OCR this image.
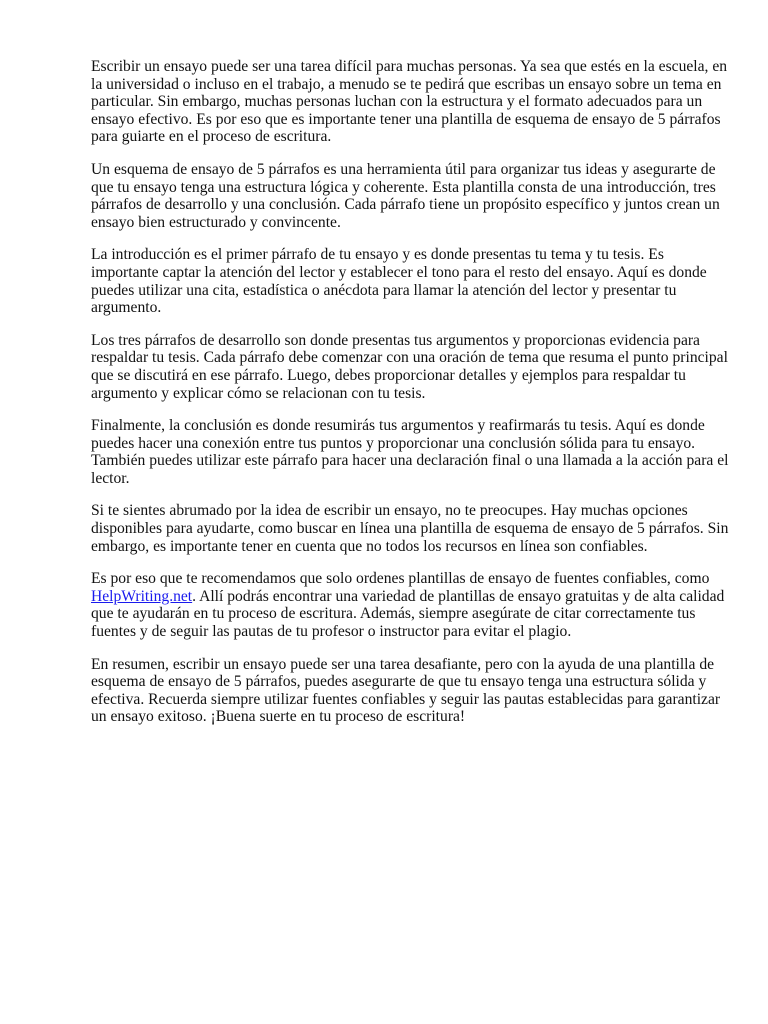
Escribir un ensayo puede ser una tarea difícil para muchas personas. Ya sea que estés en la escuela, en la universidad o incluso en el trabajo, a menudo se te pedirá que escribas un ensayo sobre un tema en particular. Sin embargo, muchas personas luchan con la estructura y el formato adecuados para un ensayo efectivo. Es por eso que es importante tener una plantilla de esquema de ensayo de 5 párrafos para guiarte en el proceso de escritura.

Un esquema de ensayo de 5 párrafos es una herramienta útil para organizar tus ideas y asegurarte de que tu ensayo tenga una estructura lógica y coherente. Esta plantilla consta de una introducción, tres párrafos de desarrollo y una conclusión. Cada párrafo tiene un propósito específico y juntos crean un ensayo bien estructurado y convincente.

La introducción es el primer párrafo de tu ensayo y es donde presentas tu tema y tu tesis. Es importante captar la atención del lector y establecer el tono para el resto del ensayo. Aquí es donde puedes utilizar una cita, estadística o anécdota para llamar la atención del lector y presentar tu argumento.

Los tres párrafos de desarrollo son donde presentas tus argumentos y proporcionas evidencia para respaldar tu tesis. Cada párrafo debe comenzar con una oración de tema que resuma el punto principal que se discutirá en ese párrafo. Luego, debes proporcionar detalles y ejemplos para respaldar tu argumento y explicar cómo se relacionan con tu tesis.

Finalmente, la conclusión es donde resumirás tus argumentos y reafirmarás tu tesis. Aquí es donde puedes hacer una conexión entre tus puntos y proporcionar una conclusión sólida para tu ensayo. También puedes utilizar este párrafo para hacer una declaración final o una llamada a la acción para el lector.

Si te sientes abrumado por la idea de escribir un ensayo, no te preocupes. Hay muchas opciones disponibles para ayudarte, como buscar en línea una plantilla de esquema de ensayo de 5 párrafos. Sin embargo, es importante tener en cuenta que no todos los recursos en línea son confiables.

Es por eso que te recomendamos que solo ordenes plantillas de ensayo de fuentes confiables, como HelpWriting.net. Allí podrás encontrar una variedad de plantillas de ensayo gratuitas y de alta calidad que te ayudarán en tu proceso de escritura. Además, siempre asegúrate de citar correctamente tus fuentes y de seguir las pautas de tu profesor o instructor para evitar el plagio.

En resumen, escribir un ensayo puede ser una tarea desafiante, pero con la ayuda de una plantilla de esquema de ensayo de 5 párrafos, puedes asegurarte de que tu ensayo tenga una estructura sólida y efectiva. Recuerda siempre utilizar fuentes confiables y seguir las pautas establecidas para garantizar un ensayo exitoso. ¡Buena suerte en tu proceso de escritura!
